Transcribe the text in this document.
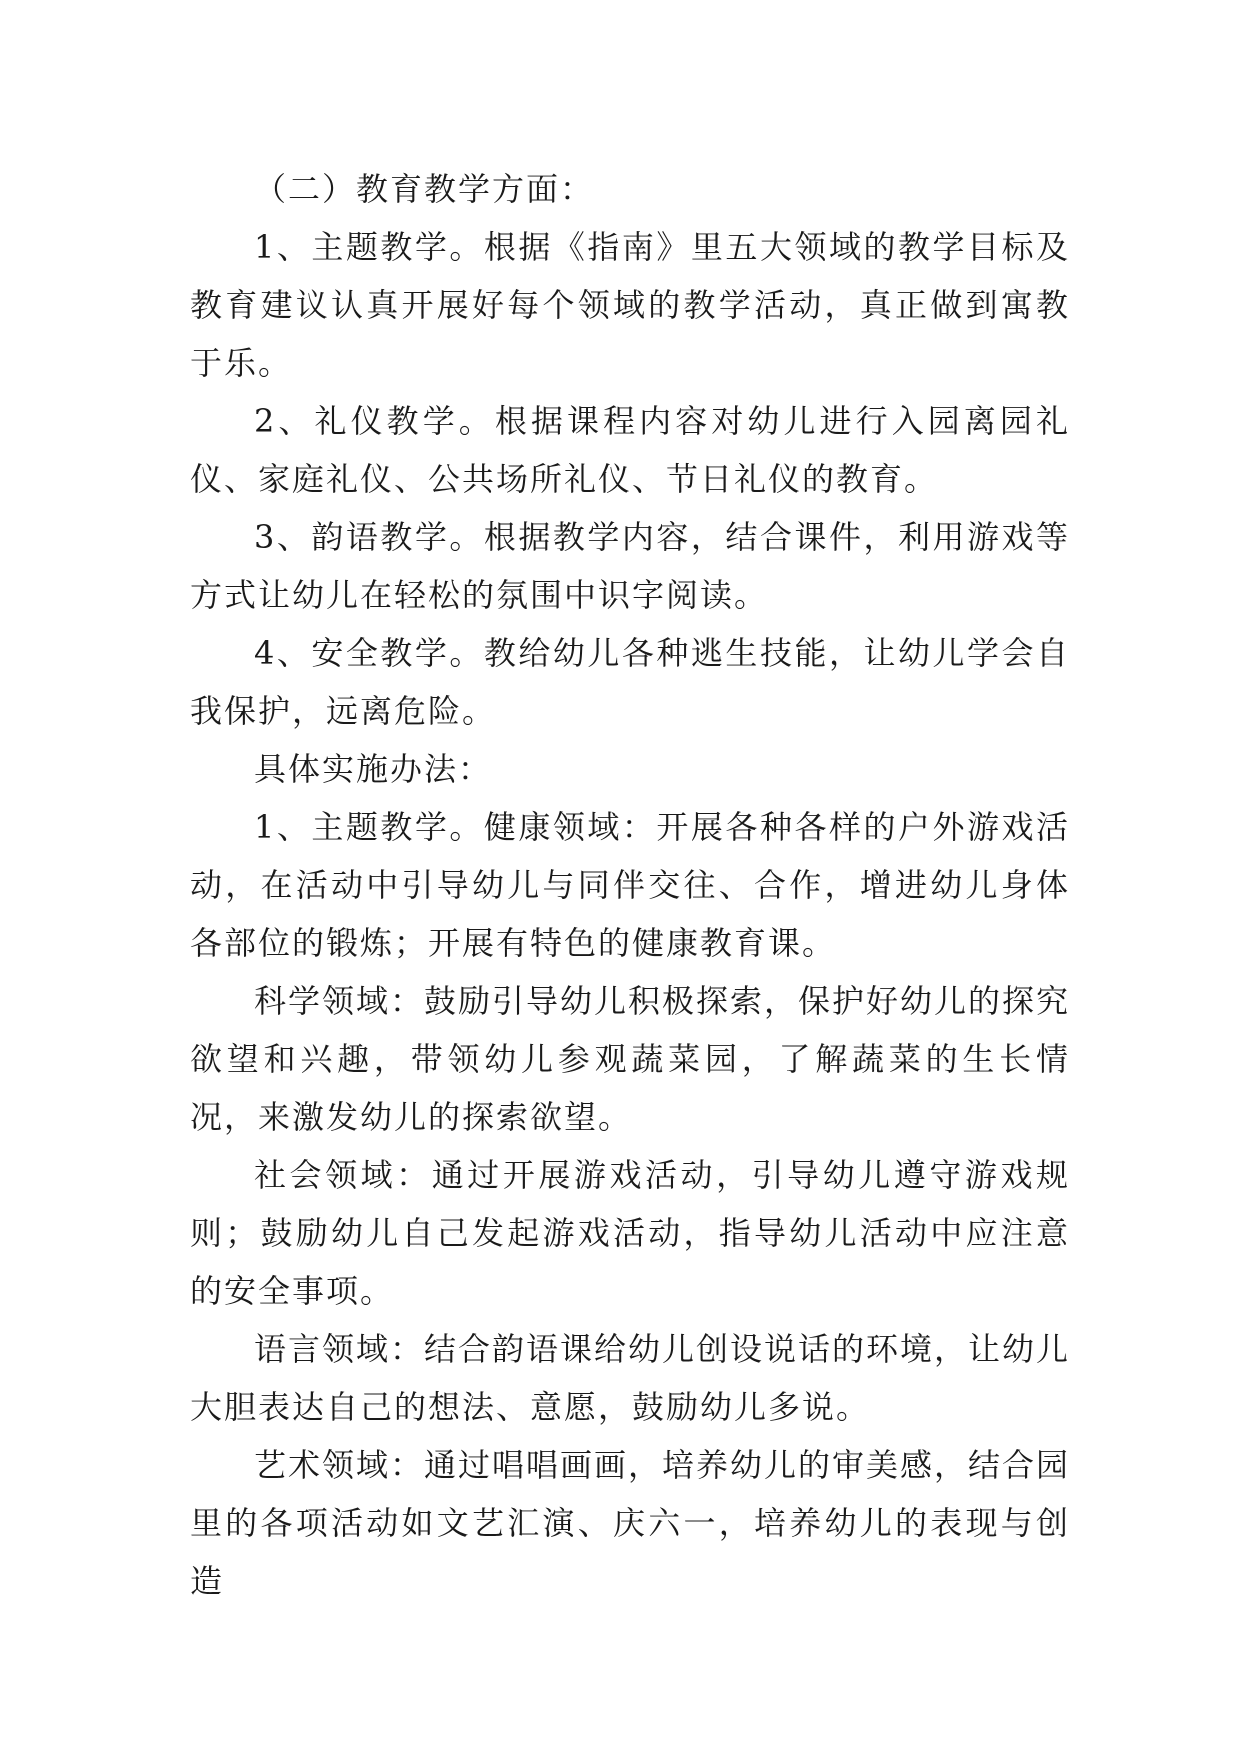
（二）教育教学方面：

1、主题教学。根据《指南》里五大领域的教学目标及教育建议认真开展好每个领域的教学活动，真正做到寓教于乐。

2、礼仪教学。根据课程内容对幼儿进行入园离园礼仪、家庭礼仪、公共场所礼仪、节日礼仪的教育。

3、韵语教学。根据教学内容，结合课件，利用游戏等方式让幼儿在轻松的氛围中识字阅读。

4、安全教学。教给幼儿各种逃生技能，让幼儿学会自我保护，远离危险。

具体实施办法：

1、主题教学。健康领域：开展各种各样的户外游戏活动，在活动中引导幼儿与同伴交往、合作，增进幼儿身体各部位的锻炼；开展有特色的健康教育课。

科学领域：鼓励引导幼儿积极探索，保护好幼儿的探究欲望和兴趣，带领幼儿参观蔬菜园，了解蔬菜的生长情况，来激发幼儿的探索欲望。

社会领域：通过开展游戏活动，引导幼儿遵守游戏规则；鼓励幼儿自己发起游戏活动，指导幼儿活动中应注意的安全事项。

语言领域：结合韵语课给幼儿创设说话的环境，让幼儿大胆表达自己的想法、意愿，鼓励幼儿多说。

艺术领域：通过唱唱画画，培养幼儿的审美感，结合园里的各项活动如文艺汇演、庆六一，培养幼儿的表现与创造
